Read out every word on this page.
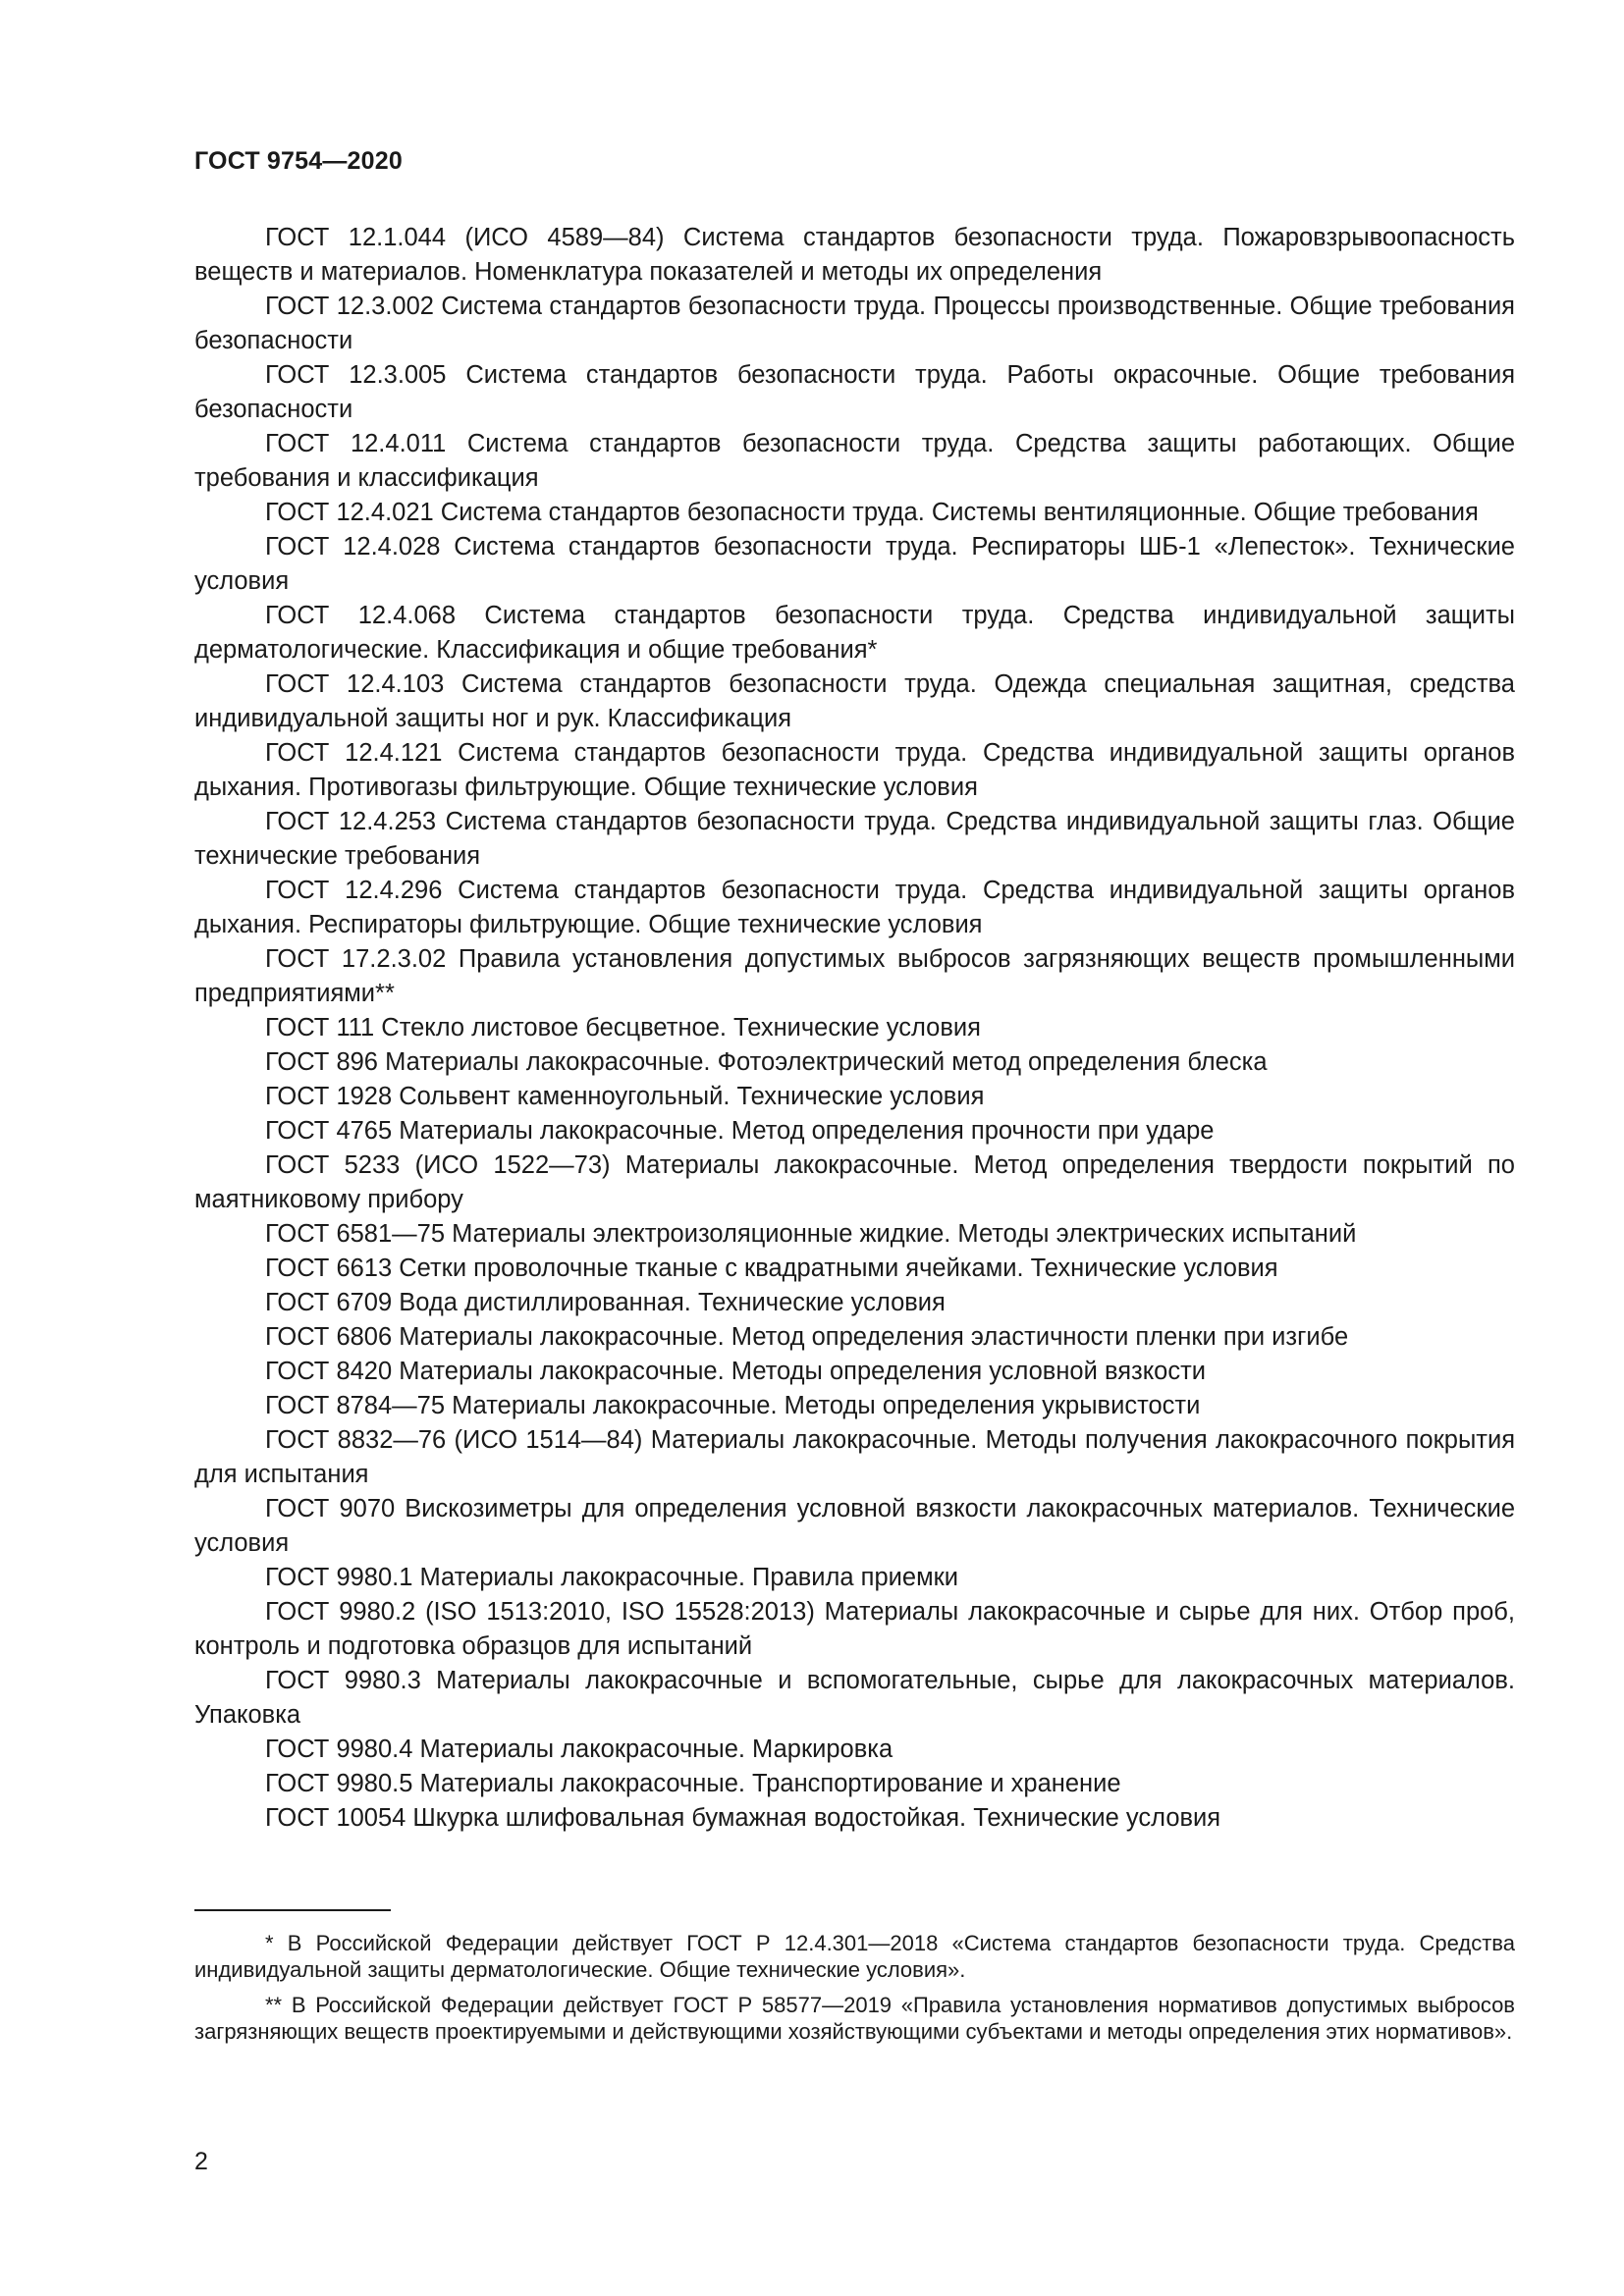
ГОСТ 9754—2020

ГОСТ 12.1.044 (ИСО 4589—84) Система стандартов безопасности труда. Пожаровзрывоопасность веществ и материалов. Номенклатура показателей и методы их определения

ГОСТ 12.3.002 Система стандартов безопасности труда. Процессы производственные. Общие требования безопасности

ГОСТ 12.3.005 Система стандартов безопасности труда. Работы окрасочные. Общие требования безопасности

ГОСТ 12.4.011 Система стандартов безопасности труда. Средства защиты работающих. Общие требования и классификация

ГОСТ 12.4.021 Система стандартов безопасности труда. Системы вентиляционные. Общие требования

ГОСТ 12.4.028 Система стандартов безопасности труда. Респираторы ШБ-1 «Лепесток». Технические условия

ГОСТ 12.4.068 Система стандартов безопасности труда. Средства индивидуальной защиты дерматологические. Классификация и общие требования*

ГОСТ 12.4.103 Система стандартов безопасности труда. Одежда специальная защитная, средства индивидуальной защиты ног и рук. Классификация

ГОСТ 12.4.121 Система стандартов безопасности труда. Средства индивидуальной защиты органов дыхания. Противогазы фильтрующие. Общие технические условия

ГОСТ 12.4.253 Система стандартов безопасности труда. Средства индивидуальной защиты глаз. Общие технические требования

ГОСТ 12.4.296 Система стандартов безопасности труда. Средства индивидуальной защиты органов дыхания. Респираторы фильтрующие. Общие технические условия

ГОСТ 17.2.3.02 Правила установления допустимых выбросов загрязняющих веществ промышленными предприятиями**

ГОСТ 111 Стекло листовое бесцветное. Технические условия

ГОСТ 896 Материалы лакокрасочные. Фотоэлектрический метод определения блеска

ГОСТ 1928 Сольвент каменноугольный. Технические условия

ГОСТ 4765 Материалы лакокрасочные. Метод определения прочности при ударе

ГОСТ 5233 (ИСО 1522—73) Материалы лакокрасочные. Метод определения твердости покрытий по маятниковому прибору

ГОСТ 6581—75 Материалы электроизоляционные жидкие. Методы электрических испытаний

ГОСТ 6613 Сетки проволочные тканые с квадратными ячейками. Технические условия

ГОСТ 6709 Вода дистиллированная. Технические условия

ГОСТ 6806 Материалы лакокрасочные. Метод определения эластичности пленки при изгибе

ГОСТ 8420 Материалы лакокрасочные. Методы определения условной вязкости

ГОСТ 8784—75 Материалы лакокрасочные. Методы определения укрывистости

ГОСТ 8832—76 (ИСО 1514—84) Материалы лакокрасочные. Методы получения лакокрасочного покрытия для испытания

ГОСТ 9070 Вискозиметры для определения условной вязкости лакокрасочных материалов. Технические условия

ГОСТ 9980.1 Материалы лакокрасочные. Правила приемки

ГОСТ 9980.2 (ISO 1513:2010, ISO 15528:2013) Материалы лакокрасочные и сырье для них. Отбор проб, контроль и подготовка образцов для испытаний

ГОСТ 9980.3 Материалы лакокрасочные и вспомогательные, сырье для лакокрасочных материалов. Упаковка

ГОСТ 9980.4 Материалы лакокрасочные. Маркировка

ГОСТ 9980.5 Материалы лакокрасочные. Транспортирование и хранение

ГОСТ 10054 Шкурка шлифовальная бумажная водостойкая. Технические условия

* В Российской Федерации действует ГОСТ Р 12.4.301—2018 «Система стандартов безопасности труда. Средства индивидуальной защиты дерматологические. Общие технические условия».

** В Российской Федерации действует ГОСТ Р 58577—2019 «Правила установления нормативов допустимых выбросов загрязняющих веществ проектируемыми и действующими хозяйствующими субъектами и методы определения этих нормативов».

2
